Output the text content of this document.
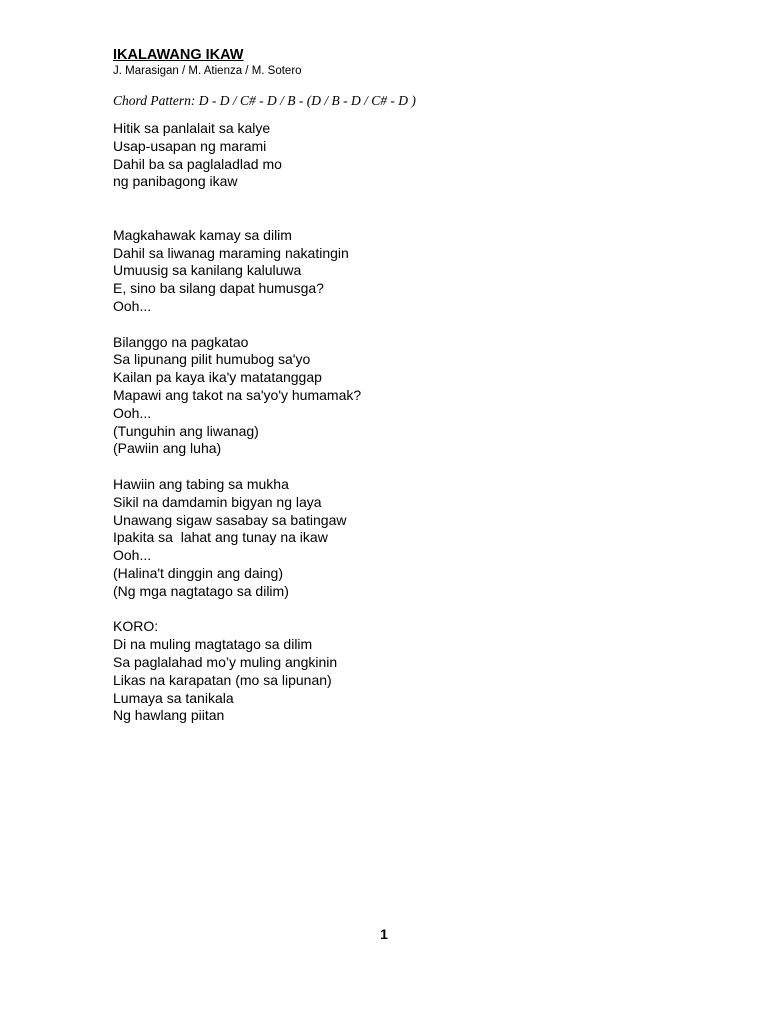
IKALAWANG IKAW
J. Marasigan / M. Atienza / M. Sotero
Chord Pattern: D - D / C# - D / B - (D / B - D / C# - D )
Hitik sa panlalait sa kalye
Usap-usapan ng marami
Dahil ba sa paglaladlad mo
ng panibagong ikaw
Magkahawak kamay sa dilim
Dahil sa liwanag maraming nakatingin
Umuusig sa kanilang kaluluwa
E, sino ba silang dapat humusga?
Ooh...
Bilanggo na pagkatao
Sa lipunang pilit humubog sa'yo
Kailan pa kaya ika'y matatanggap
Mapawi ang takot na sa'yo'y humamak?
Ooh...
(Tunguhin ang liwanag)
(Pawiin ang luha)
Hawiin ang tabing sa mukha
Sikil na damdamin bigyan ng laya
Unawang sigaw sasabay sa batingaw
Ipakita sa  lahat ang tunay na ikaw
Ooh...
(Halina't dinggin ang daing)
(Ng mga nagtatago sa dilim)
KORO:
Di na muling magtatago sa dilim
Sa paglalahad mo’y muling angkinin
Likas na karapatan (mo sa lipunan)
Lumaya sa tanikala
Ng hawlang piitan
1
